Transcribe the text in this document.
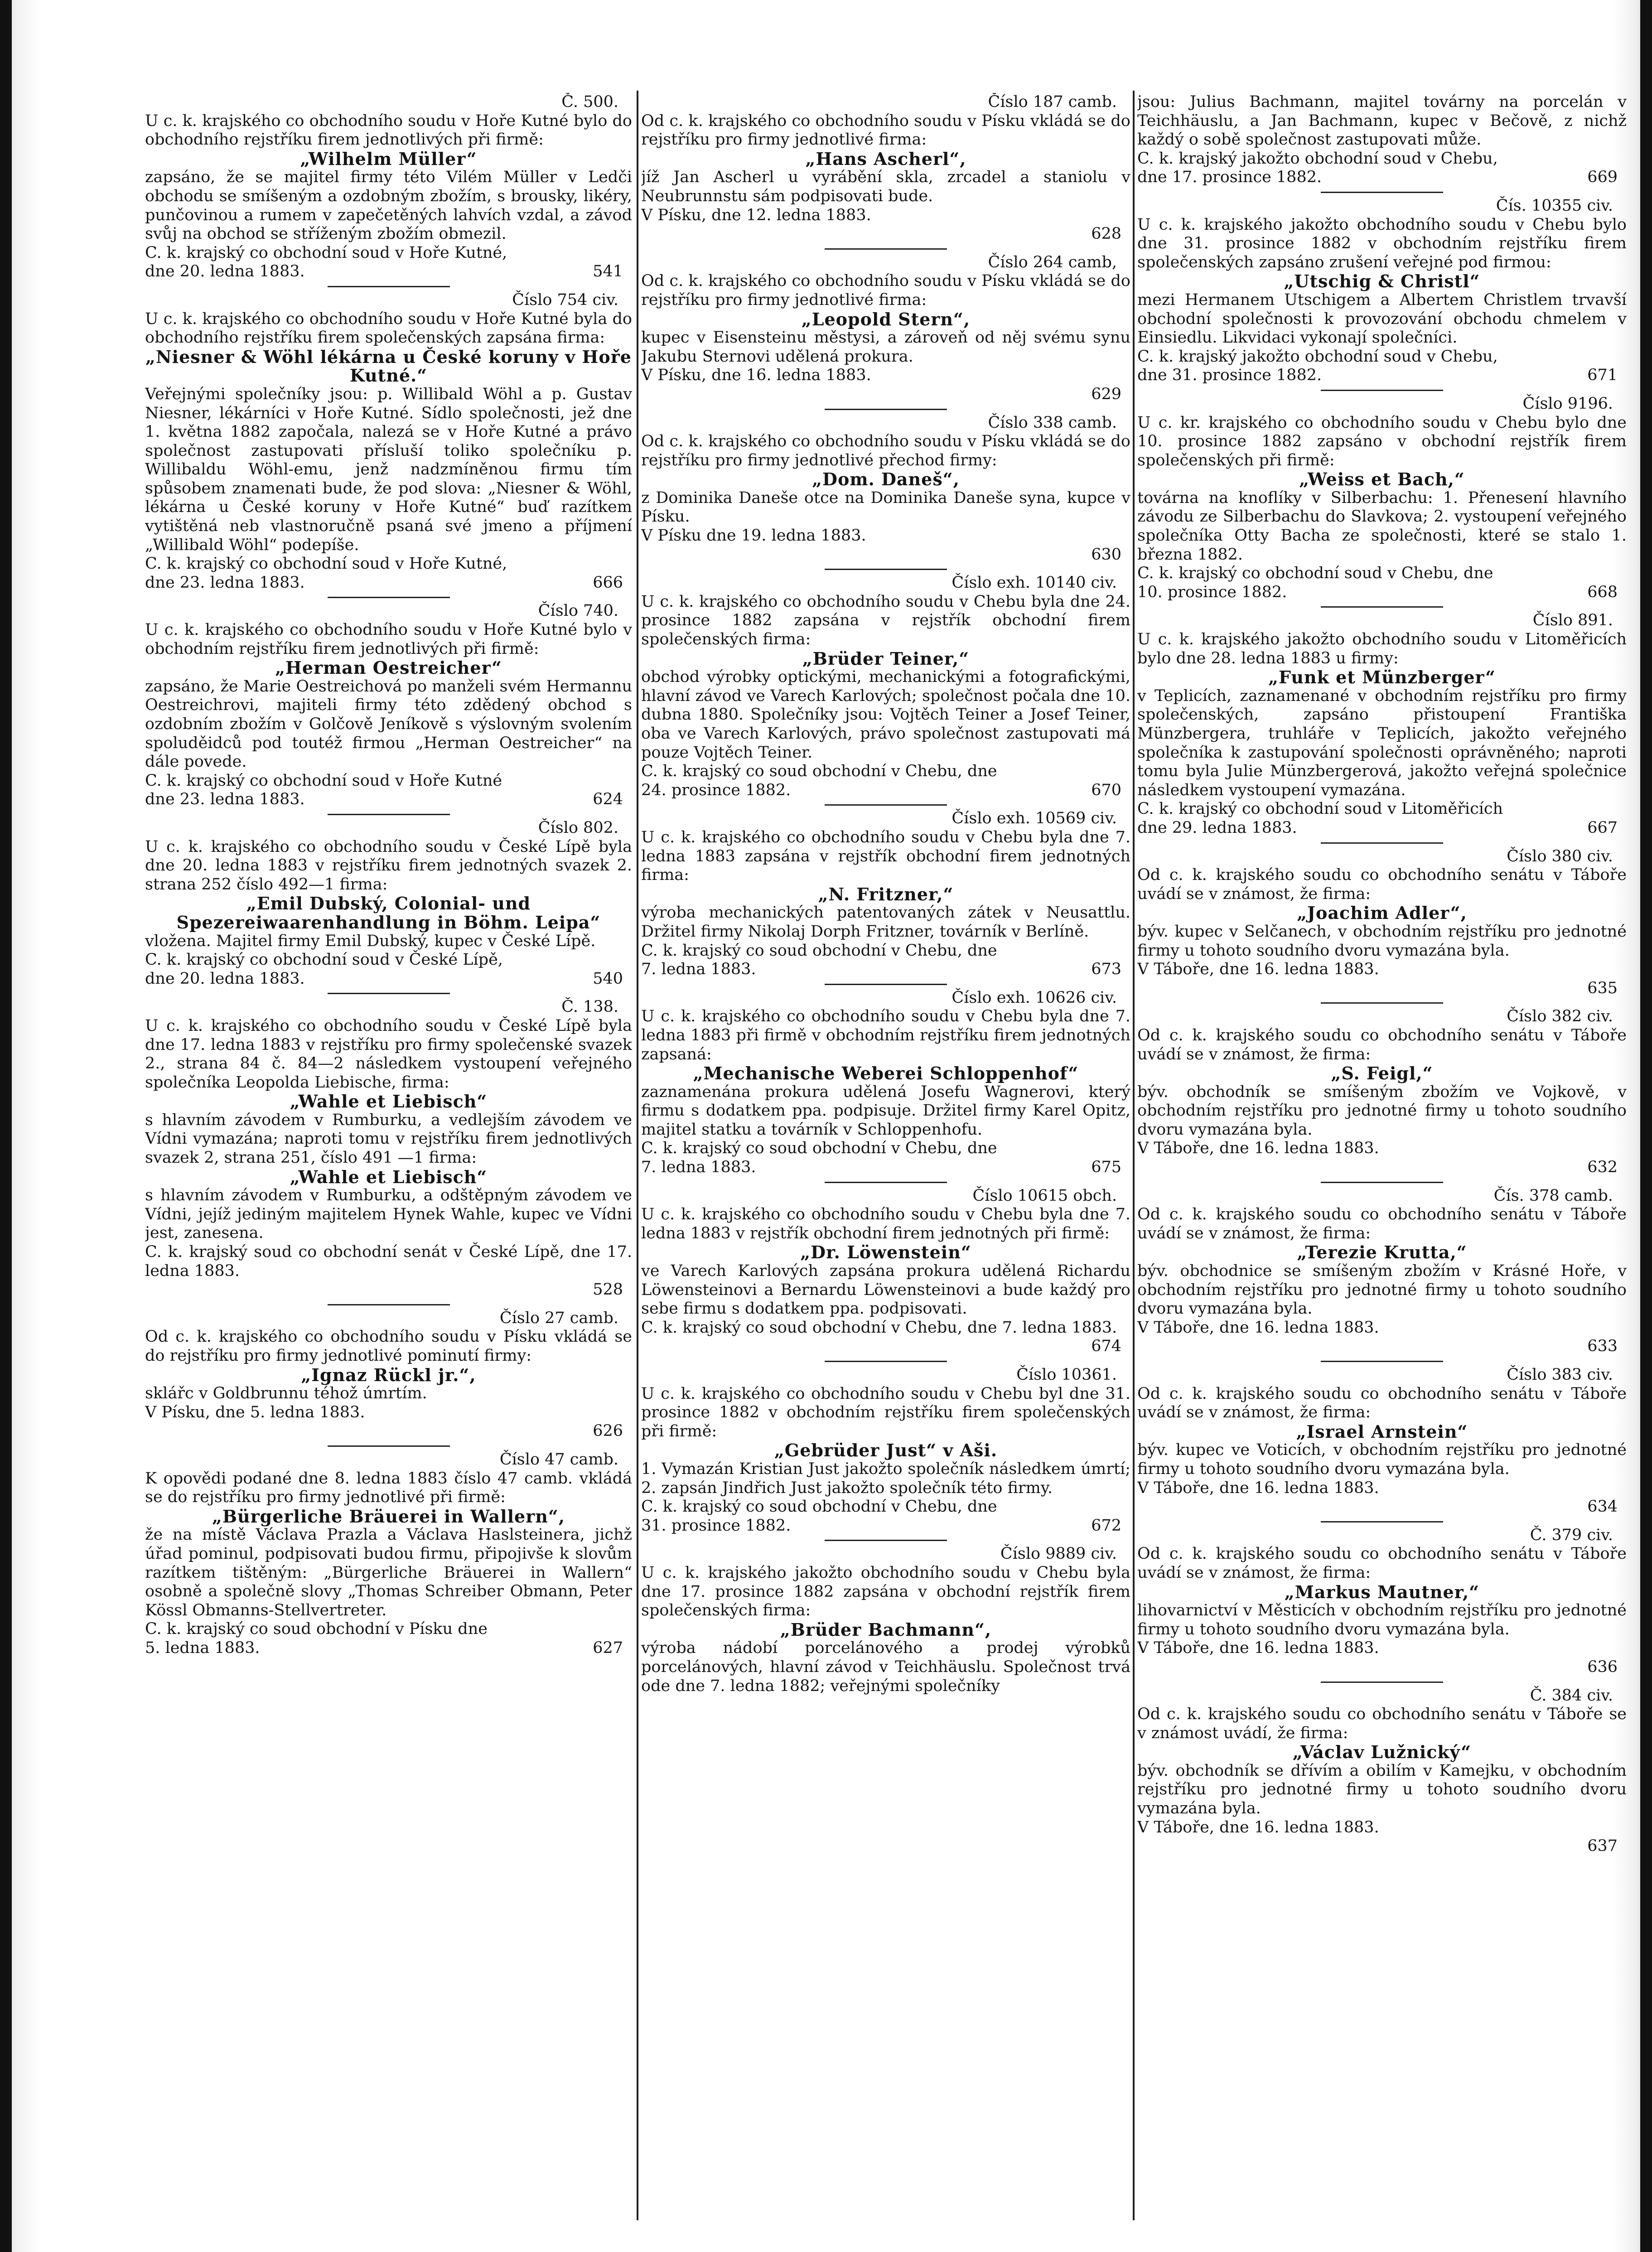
Č. 500.

U c. k. krajského co obchodního soudu v Hoře Kutné bylo do obchodního rejstříku firem jednotlivých při firmě:

„Wilhelm Müller“

zapsáno, že se majitel firmy této Vilém Müller v Ledči obchodu se smíšeným a ozdobným zbožím, s brousky, likéry, punčovinou a rumem v zapečetěných lahvích vzdal, a závod svůj na obchod se stříženým zbožím obmezil.

C. k. krajský co obchodní soud v Hoře Kutné,

dne 20. ledna 1883.	541
Číslo 754 civ.

U c. k. krajského co obchodního soudu v Hoře Kutné byla do obchodního rejstříku firem společenských zapsána firma:

„Niesner & Wöhl lékárna u České koruny v Hoře Kutné.“

Veřejnými společníky jsou: p. Willibald Wöhl a p. Gustav Niesner, lékárníci v Hoře Kutné. Sídlo společnosti, jež dne 1. května 1882 započala, nalezá se v Hoře Kutné a právo společnost zastupovati přísluší toliko společníku p. Willibaldu Wöhl-emu, jenž nadzmíněnou firmu tím spůsobem znamenati bude, že pod slova: „Niesner & Wöhl, lékárna u České koruny v Hoře Kutné“ buď razítkem vytištěná neb vlastnoručně psaná své jmeno a příjmení „Willibald Wöhl“ podepíše.

C. k. krajský co obchodní soud v Hoře Kutné,

dne 23. ledna 1883.	666
Číslo 740.

U c. k. krajského co obchodního soudu v Hoře Kutné bylo v obchodním rejstříku firem jednotlivých při firmě:

„Herman Oestreicher“

zapsáno, že Marie Oestreichová po manželi svém Hermannu Oestreichrovi, majiteli firmy této zdědený obchod s ozdobním zbožím v Golčově Jeníkově s výslovným svolením spoluděidců pod toutéž firmou „Herman Oestreicher“ na dále povede.

C. k. krajský co obchodní soud v Hoře Kutné

dne 23. ledna 1883.	624
Číslo 802.

U c. k. krajského co obchodního soudu v České Lípě byla dne 20. ledna 1883 v rejstříku firem jednotných svazek 2. strana 252 číslo 492—1 firma:

„Emil Dubský, Colonial- und Spezereiwaarenhandlung in Böhm. Leipa“

vložena. Majitel firmy Emil Dubský, kupec v České Lípě.

C. k. krajský co obchodní soud v České Lípě,

dne 20. ledna 1883.	540
Č. 138.

U c. k. krajského co obchodního soudu v České Lípě byla dne 17. ledna 1883 v rejstříku pro firmy společenské svazek 2., strana 84 č. 84—2 následkem vystoupení veřejného společníka Leopolda Liebische, firma:

„Wahle et Liebisch“

s hlavním závodem v Rumburku, a vedlejším závodem ve Vídni vymazána; naproti tomu v rejstříku firem jednotlivých svazek 2, strana 251, číslo 491 —1 firma:

„Wahle et Liebisch“

s hlavním závodem v Rumburku, a odštěpným závodem ve Vídni, jejíž jediným majitelem Hynek Wahle, kupec ve Vídni jest, zanesena.

C. k. krajský soud co obchodní senát v České Lípě, dne 17. ledna 1883.

528
Číslo 27 camb.

Od c. k. krajského co obchodního soudu v Písku vkládá se do rejstříku pro firmy jednotlivé pominutí firmy:

„Ignaz Rückl jr.“,

sklářc v Goldbrunnu téhož úmrtím.

V Písku, dne 5. ledna 1883.

626
Číslo 47 camb.

K opovědi podané dne 8. ledna 1883 číslo 47 camb. vkládá se do rejstříku pro firmy jednotlivé při firmě:

„Bürgerliche Bräuerei in Wallern“,

že na místě Václava Prazla a Václava Haslsteinera, jichž úřad pominul, podpisovati budou firmu, připojivše k slovům razítkem tištěným: „Bürgerliche Bräuerei in Wallern“ osobně a společně slovy „Thomas Schreiber Obmann, Peter Kössl Obmanns-Stellvertreter.

C. k. krajský co soud obchodní v Písku dne

5. ledna 1883.	627
Číslo 187 camb.

Od c. k. krajského co obchodního soudu v Písku vkládá se do rejstříku pro firmy jednotlivé firma:

„Hans Ascherl“,

jíž Jan Ascherl u vyrábění skla, zrcadel a staniolu v Neubrunnstu sám podpisovati bude.

V Písku, dne 12. ledna 1883.

628
Číslo 264 camb,

Od c. k. krajského co obchodního soudu v Písku vkládá se do rejstříku pro firmy jednotlivé firma:

„Leopold Stern“,

kupec v Eisensteinu městysi, a zároveň od něj svému synu Jakubu Sternovi udělená prokura.

V Písku, dne 16. ledna 1883.

629
Číslo 338 camb.

Od c. k. krajského co obchodního soudu v Písku vkládá se do rejstříku pro firmy jednotlivé přechod firmy:

„Dom. Daneš“,

z Dominika Daneše otce na Dominika Daneše syna, kupce v Písku.

V Písku dne 19. ledna 1883.

630
Číslo exh. 10140 civ.

U c. k. krajského co obchodního soudu v Chebu byla dne 24. prosince 1882 zapsána v rejstřík obchodní firem společenských firma:

„Brüder Teiner,“

obchod výrobky optickými, mechanickými a fotografickými, hlavní závod ve Varech Karlových; společnost počala dne 10. dubna 1880. Společníky jsou: Vojtěch Teiner a Josef Teiner, oba ve Varech Karlových, právo společnost zastupovati má pouze Vojtěch Teiner.

C. k. krajský co soud obchodní v Chebu, dne

24. prosince 1882.	670
Číslo exh. 10569 civ.

U c. k. krajského co obchodního soudu v Chebu byla dne 7. ledna 1883 zapsána v rejstřík obchodní firem jednotných firma:

„N. Fritzner,“

výroba mechanických patentovaných zátek v Neusattlu. Držitel firmy Nikolaj Dorph Fritzner, továrník v Berlíně.

C. k. krajský co soud obchodní v Chebu, dne

7. ledna 1883.	673
Číslo exh. 10626 civ.

U c. k. krajského co obchodního soudu v Chebu byla dne 7. ledna 1883 při firmě v obchodním rejstříku firem jednotných zapsaná:

„Mechanische Weberei Schloppenhof“

zaznamenána prokura udělená Josefu Wagnerovi, který firmu s dodatkem ppa. podpisuje. Držitel firmy Karel Opitz, majitel statku a továrník v Schloppenhofu.

C. k. krajský co soud obchodní v Chebu, dne

7. ledna 1883.	675
Číslo 10615 obch.

U c. k. krajského co obchodního soudu v Chebu byla dne 7. ledna 1883 v rejstřík obchodní firem jednotných při firmě:

„Dr. Löwenstein“

ve Varech Karlových zapsána prokura udělená Richardu Löwensteinovi a Bernardu Löwensteinovi a bude každý pro sebe firmu s dodatkem ppa. podpisovati.

C. k. krajský co soud obchodní v Chebu, dne 7. ledna 1883.

674
Číslo 10361.

U c. k. krajského co obchodního soudu v Chebu byl dne 31. prosince 1882 v obchodním rejstříku firem společenských při firmě:

„Gebrüder Just“ v Aši.

1. Vymazán Kristian Just jakožto společník následkem úmrtí; 2. zapsán Jindřich Just jakožto společník této firmy.

C. k. krajský co soud obchodní v Chebu, dne

31. prosince 1882.	672
Číslo 9889 civ.

U c. k. krajského jakožto obchodního soudu v Chebu byla dne 17. prosince 1882 zapsána v obchodní rejstřík firem společenských firma:

„Brüder Bachmann“,

výroba nádobí porcelánového a prodej výrobků porcelánových, hlavní závod v Teichhäuslu. Společnost trvá ode dne 7. ledna 1882; veřejnými společníky

jsou: Julius Bachmann, majitel továrny na porcelán v Teichhäuslu, a Jan Bachmann, kupec v Bečově, z nichž každý o sobě společnost zastupovati může.

C. k. krajský jakožto obchodní soud v Chebu,

dne 17. prosince 1882.	669
Čís. 10355 civ.

U c. k. krajského jakožto obchodního soudu v Chebu bylo dne 31. prosince 1882 v obchodním rejstříku firem společenských zapsáno zrušení veřejné pod firmou:

„Utschig & Christl“

mezi Hermanem Utschigem a Albertem Christlem trvavší obchodní společnosti k provozování obchodu chmelem v Einsiedlu. Likvidaci vykonají společníci.

C. k. krajský jakožto obchodní soud v Chebu,

dne 31. prosince 1882.	671
Číslo 9196.

U c. kr. krajského co obchodního soudu v Chebu bylo dne 10. prosince 1882 zapsáno v obchodní rejstřík firem společenských při firmě:

„Weiss et Bach,“

továrna na knoflíky v Silberbachu: 1. Přenesení hlavního závodu ze Silberbachu do Slavkova; 2. vystoupení veřejného společníka Otty Bacha ze společnosti, které se stalo 1. března 1882.

C. k. krajský co obchodní soud v Chebu, dne

10. prosince 1882.	668
Číslo 891.

U c. k. krajského jakožto obchodního soudu v Litoměřicích bylo dne 28. ledna 1883 u firmy:

„Funk et Münzberger“

v Teplicích, zaznamenané v obchodním rejstříku pro firmy společenských, zapsáno přistoupení Františka Münzbergera, truhláře v Teplicích, jakožto veřejného společníka k zastupování společnosti oprávněného; naproti tomu byla Julie Münzbergerová, jakožto veřejná společnice následkem vystoupení vymazána.

C. k. krajský co obchodní soud v Litoměřicích

dne 29. ledna 1883.	667
Číslo 380 civ.

Od c. k. krajského soudu co obchodního senátu v Táboře uvádí se v známost, že firma:

„Joachim Adler“,

býv. kupec v Selčanech, v obchodním rejstříku pro jednotné firmy u tohoto soudního dvoru vymazána byla.

V Táboře, dne 16. ledna 1883.

635
Číslo 382 civ.

Od c. k. krajského soudu co obchodního senátu v Táboře uvádí se v známost, že firma:

„S. Feigl,“

býv. obchodník se smíšeným zbožím ve Vojkově, v obchodním rejstříku pro jednotné firmy u tohoto soudního dvoru vymazána byla.

V Táboře, dne 16. ledna 1883.

632
Čís. 378 camb.

Od c. k. krajského soudu co obchodního senátu v Táboře uvádí se v známost, že firma:

„Terezie Krutta,“

býv. obchodnice se smíšeným zbožím v Krásné Hoře, v obchodním rejstříku pro jednotné firmy u tohoto soudního dvoru vymazána byla.

V Táboře, dne 16. ledna 1883.

633
Číslo 383 civ.

Od c. k. krajského soudu co obchodního senátu v Táboře uvádí se v známost, že firma:

„Israel Arnstein“

býv. kupec ve Voticích, v obchodním rejstříku pro jednotné firmy u tohoto soudního dvoru vymazána byla.

V Táboře, dne 16. ledna 1883.

634
Č. 379 civ.

Od c. k. krajského soudu co obchodního senátu v Táboře uvádí se v známost, že firma:

„Markus Mautner,“

lihovarnictví v Městicích v obchodním rejstříku pro jednotné firmy u tohoto soudního dvoru vymazána byla.

V Táboře, dne 16. ledna 1883.

636
Č. 384 civ.

Od c. k. krajského soudu co obchodního senátu v Táboře se v známost uvádí, že firma:

„Václav Lužnický“

býv. obchodník se dřívím a obilím v Kamejku, v obchodním rejstříku pro jednotné firmy u tohoto soudního dvoru vymazána byla.

V Táboře, dne 16. ledna 1883.

637
